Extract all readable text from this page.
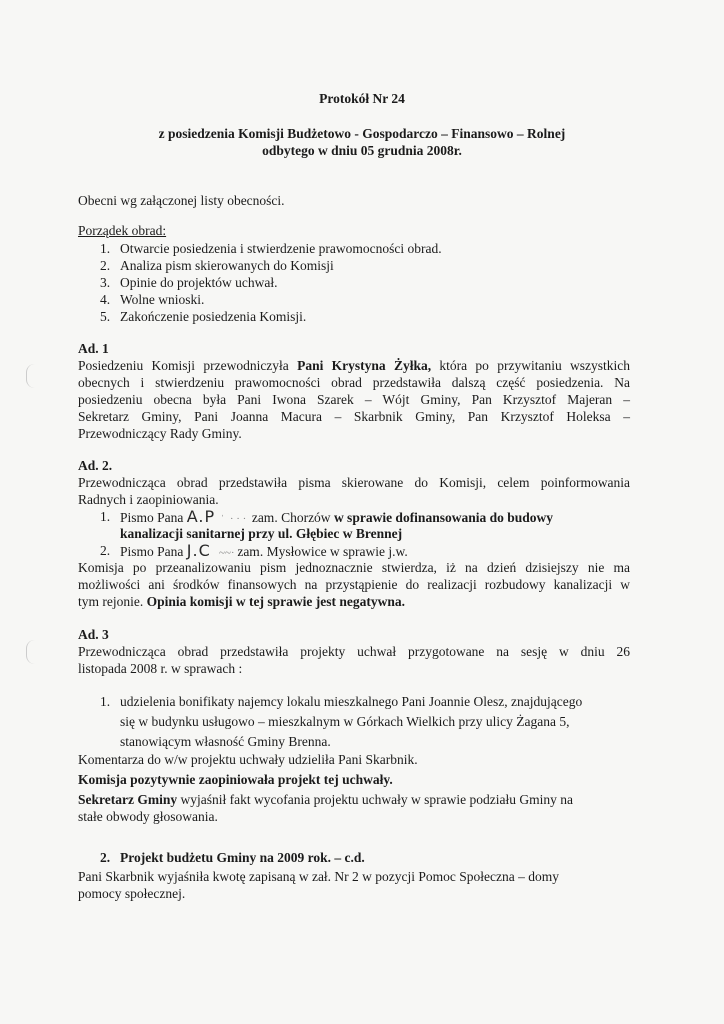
Protokół Nr 24
z posiedzenia Komisji Budżetowo - Gospodarczo – Finansowo – Rolnej
odbytego w dniu 05 grudnia 2008r.
Obecni wg załączonej listy obecności.
Porządek obrad:
1. Otwarcie posiedzenia i stwierdzenie prawomocności obrad.
2. Analiza pism skierowanych do Komisji
3. Opinie do projektów uchwał.
4. Wolne wnioski.
5. Zakończenie posiedzenia Komisji.
Ad. 1
Posiedzeniu Komisji przewodniczyła Pani Krystyna Żyłka, która po przywitaniu wszystkich
obecnych i stwierdzeniu prawomocności obrad przedstawiła dalszą część posiedzenia. Na
posiedzeniu obecna była Pani Iwona Szarek – Wójt Gminy, Pan Krzysztof Majeran –
Sekretarz Gminy, Pani Joanna Macura – Skarbnik Gminy, Pan Krzysztof Holeksa –
Przewodniczący Rady Gminy.
Ad. 2.
Przewodnicząca obrad przedstawiła pisma skierowane do Komisji, celem poinformowania
Radnych i zaopiniowania.
1. Pismo Pana A.P  ˈ  · · ·  zam. Chorzów w sprawie dofinansowania do budowy
kanalizacji sanitarnej przy ul. Głębiec w Brennej
2. Pismo Pana J.C   ~~· zam. Mysłowice w sprawie j.w.
Komisja po przeanalizowaniu pism jednoznacznie stwierdza, iż na dzień dzisiejszy nie ma
możliwości ani środków finansowych na przystąpienie do realizacji rozbudowy kanalizacji w
tym rejonie. Opinia komisji w tej sprawie jest negatywna.
Ad. 3
Przewodnicząca obrad przedstawiła projekty uchwał przygotowane na sesję w dniu 26
listopada 2008 r. w sprawach :
1. udzielenia bonifikaty najemcy lokalu mieszkalnego Pani Joannie Olesz, znajdującego
się w budynku usługowo – mieszkalnym w Górkach Wielkich przy ulicy Żagana 5,
stanowiącym własność Gminy Brenna.
Komentarza do w/w projektu uchwały udzieliła Pani Skarbnik.
Komisja pozytywnie zaopiniowała projekt tej uchwały.
Sekretarz Gminy wyjaśnił fakt wycofania projektu uchwały w sprawie podziału Gminy na
stałe obwody głosowania.
2. Projekt budżetu Gminy na 2009 rok. – c.d.
Pani Skarbnik wyjaśniła kwotę zapisaną w zał. Nr 2 w pozycji Pomoc Społeczna – domy
pomocy społecznej.
